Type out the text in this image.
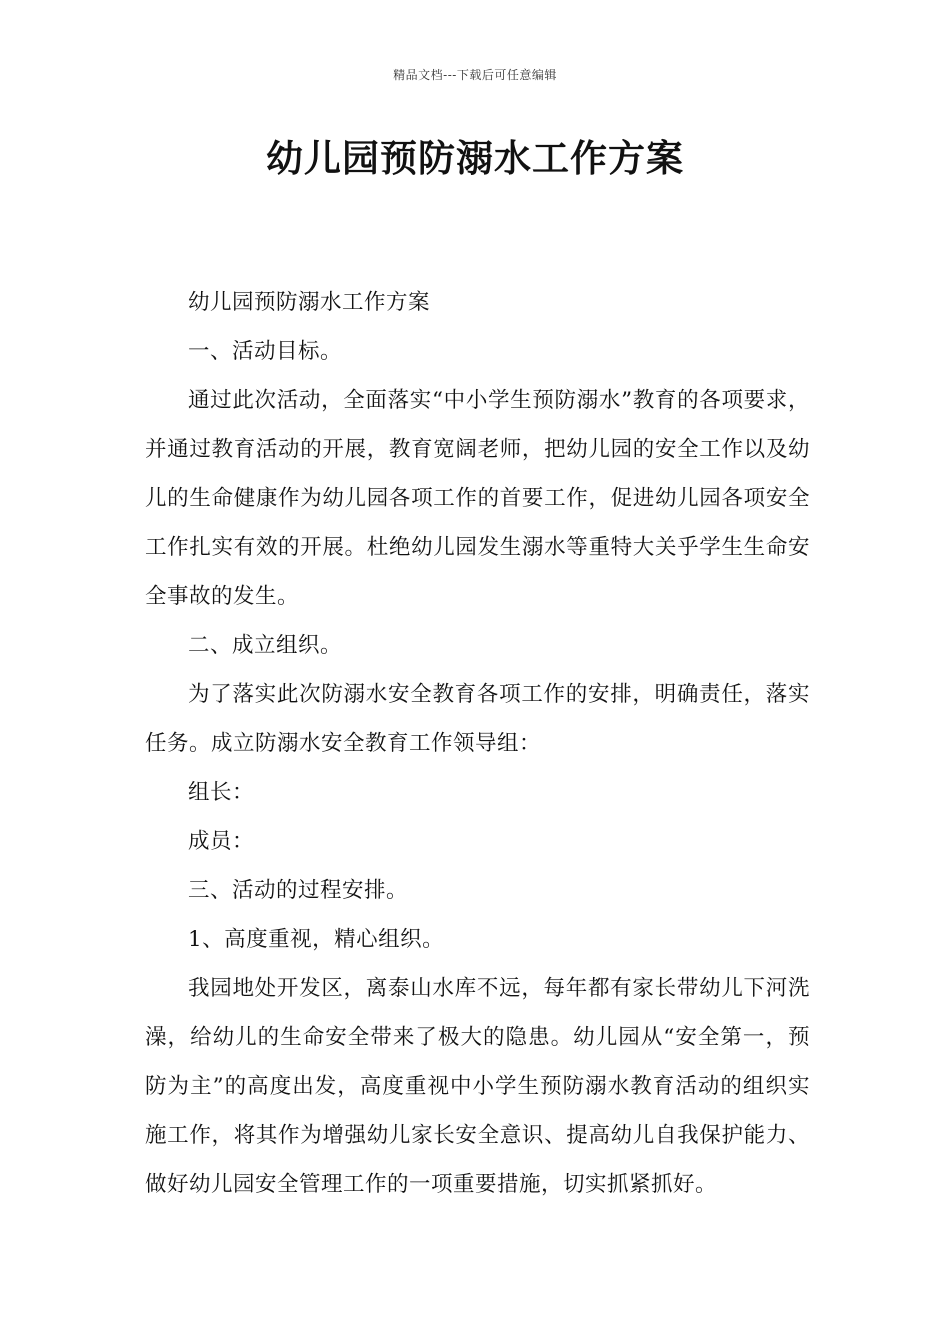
精品文档---下载后可任意编辑
幼儿园预防溺水工作方案

幼儿园预防溺水工作方案

一、活动目标。

通过此次活动，全面落实“中小学生预防溺水”教育的各项要求，并通过教育活动的开展，教育宽阔老师，把幼儿园的安全工作以及幼儿的生命健康作为幼儿园各项工作的首要工作，促进幼儿园各项安全工作扎实有效的开展。杜绝幼儿园发生溺水等重特大关乎学生生命安全事故的发生。

二、成立组织。

为了落实此次防溺水安全教育各项工作的安排，明确责任，落实任务。成立防溺水安全教育工作领导组：

组长：

成员：

三、活动的过程安排。

1、高度重视，精心组织。

我园地处开发区，离泰山水库不远，每年都有家长带幼儿下河洗澡，给幼儿的生命安全带来了极大的隐患。幼儿园从“安全第一，预防为主”的高度出发，高度重视中小学生预防溺水教育活动的组织实施工作，将其作为增强幼儿家长安全意识、提高幼儿自我保护能力、做好幼儿园安全管理工作的一项重要措施，切实抓紧抓好。
